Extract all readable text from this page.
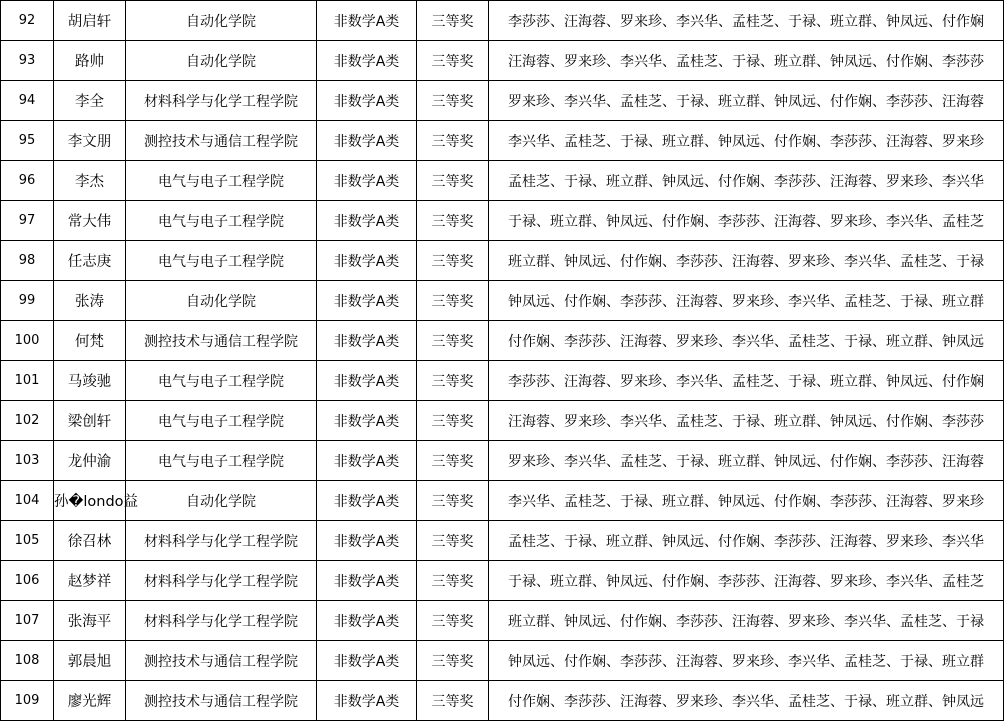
92	胡启轩	自动化学院	非数学A类	三等奖	李莎莎、汪海蓉、罗来珍、李兴华、孟桂芝、于禄、班立群、钟凤远、付作娴
93	路帅	自动化学院	非数学A类	三等奖	汪海蓉、罗来珍、李兴华、孟桂芝、于禄、班立群、钟凤远、付作娴、李莎莎
94	李全	材料科学与化学工程学院	非数学A类	三等奖	罗来珍、李兴华、孟桂芝、于禄、班立群、钟凤远、付作娴、李莎莎、汪海蓉
95	李文朋	测控技术与通信工程学院	非数学A类	三等奖	李兴华、孟桂芝、于禄、班立群、钟凤远、付作娴、李莎莎、汪海蓉、罗来珍
96	李杰	电气与电子工程学院	非数学A类	三等奖	孟桂芝、于禄、班立群、钟凤远、付作娴、李莎莎、汪海蓉、罗来珍、李兴华
97	常大伟	电气与电子工程学院	非数学A类	三等奖	于禄、班立群、钟凤远、付作娴、李莎莎、汪海蓉、罗来珍、李兴华、孟桂芝
98	任志庚	电气与电子工程学院	非数学A类	三等奖	班立群、钟凤远、付作娴、李莎莎、汪海蓉、罗来珍、李兴华、孟桂芝、于禄
99	张涛	自动化学院	非数学A类	三等奖	钟凤远、付作娴、李莎莎、汪海蓉、罗来珍、李兴华、孟桂芝、于禄、班立群
100	何梵	测控技术与通信工程学院	非数学A类	三等奖	付作娴、李莎莎、汪海蓉、罗来珍、李兴华、孟桂芝、于禄、班立群、钟凤远
101	马竣驰	电气与电子工程学院	非数学A类	三等奖	李莎莎、汪海蓉、罗来珍、李兴华、孟桂芝、于禄、班立群、钟凤远、付作娴
102	梁创轩	电气与电子工程学院	非数学A类	三等奖	汪海蓉、罗来珍、李兴华、孟桂芝、于禄、班立群、钟凤远、付作娴、李莎莎
103	龙仲渝	电气与电子工程学院	非数学A类	三等奖	罗来珍、李兴华、孟桂芝、于禄、班立群、钟凤远、付作娴、李莎莎、汪海蓉
104	孙�londo益	自动化学院	非数学A类	三等奖	李兴华、孟桂芝、于禄、班立群、钟凤远、付作娴、李莎莎、汪海蓉、罗来珍
105	徐召林	材料科学与化学工程学院	非数学A类	三等奖	孟桂芝、于禄、班立群、钟凤远、付作娴、李莎莎、汪海蓉、罗来珍、李兴华
106	赵梦祥	材料科学与化学工程学院	非数学A类	三等奖	于禄、班立群、钟凤远、付作娴、李莎莎、汪海蓉、罗来珍、李兴华、孟桂芝
107	张海平	材料科学与化学工程学院	非数学A类	三等奖	班立群、钟凤远、付作娴、李莎莎、汪海蓉、罗来珍、李兴华、孟桂芝、于禄
108	郭晨旭	测控技术与通信工程学院	非数学A类	三等奖	钟凤远、付作娴、李莎莎、汪海蓉、罗来珍、李兴华、孟桂芝、于禄、班立群
109	廖光辉	测控技术与通信工程学院	非数学A类	三等奖	付作娴、李莎莎、汪海蓉、罗来珍、李兴华、孟桂芝、于禄、班立群、钟凤远
